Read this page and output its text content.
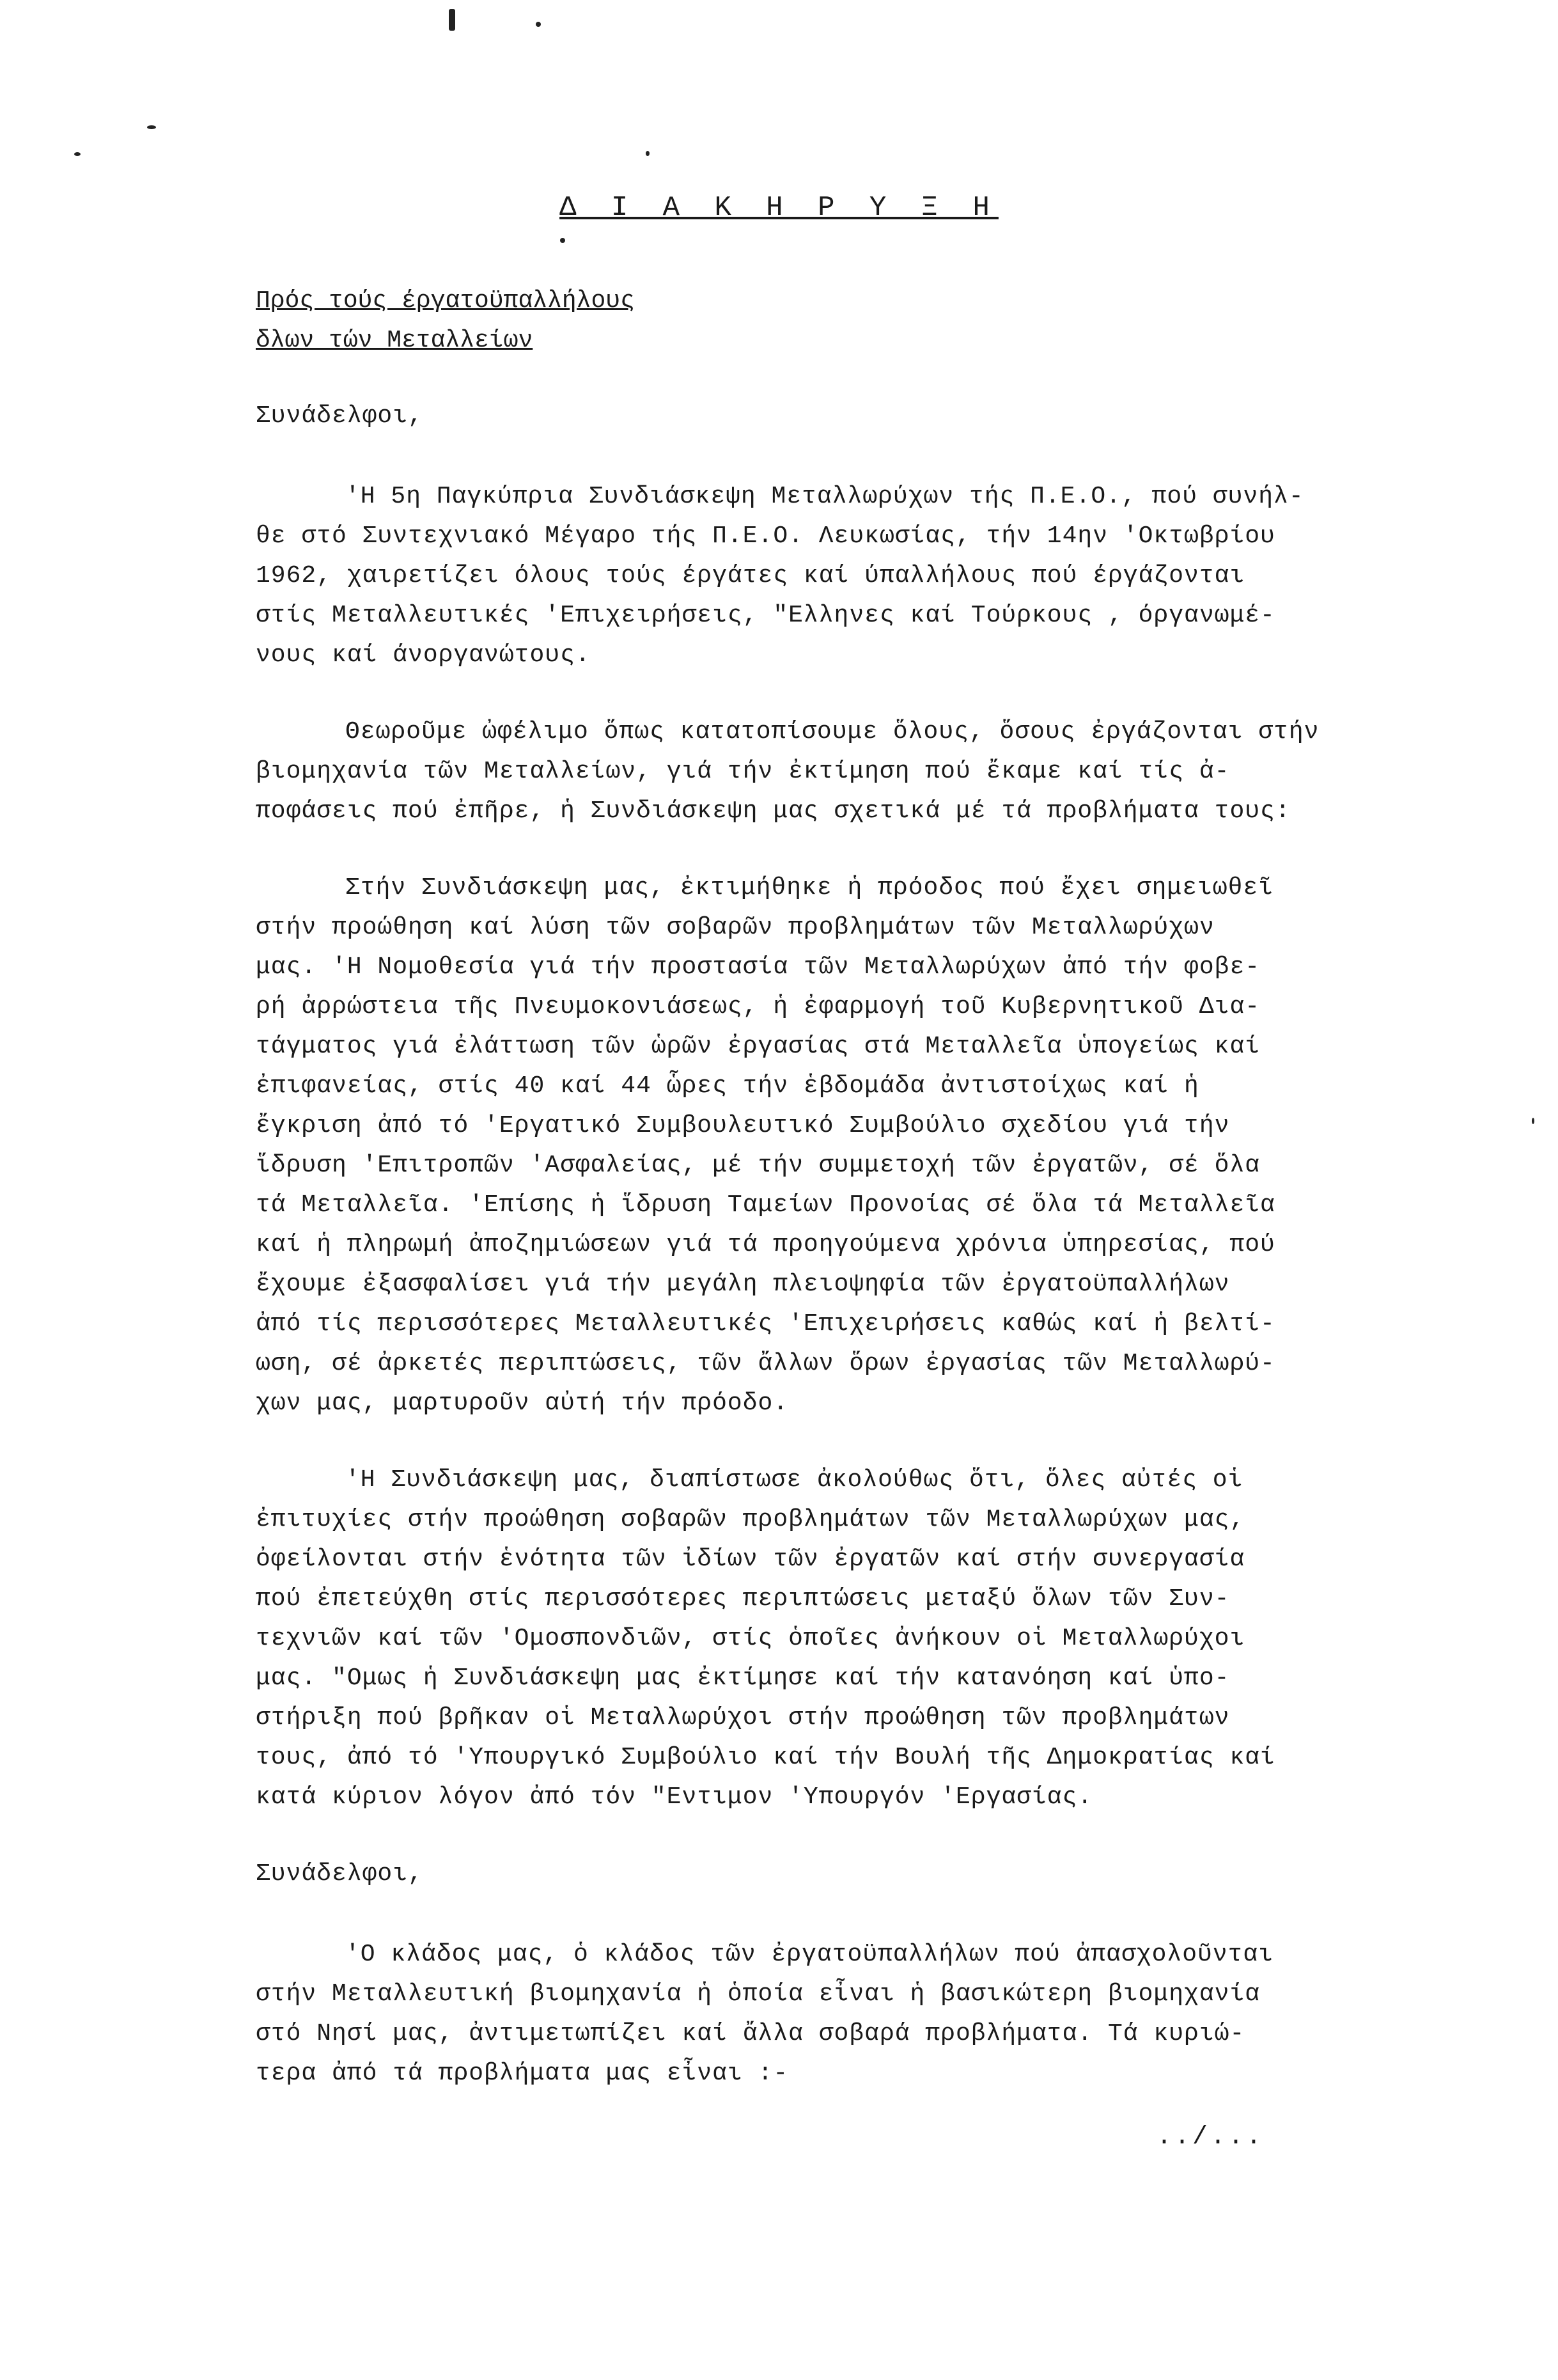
Δ Ι Α Κ Η Ρ Υ Ξ Η
Πρός τούς έργατοϋπαλλήλους
δλων τών Μεταλλείων
Συνάδελφοι,
'Η 5η Παγκύπρια Συνδιάσκεψη Μεταλλωρύχων τής Π.Ε.Ο., πού συνήλ-
θε στό Συντεχνιακό Μέγαρο τής Π.Ε.Ο. Λευκωσίας, τήν 14ην 'Οκτωβρίου
1962, χαιρετίζει όλους τούς έργάτες καί ύπαλλήλους πού έργάζονται
στίς Μεταλλευτικές 'Επιχειρήσεις, "Ελληνες καί Τούρκους , όργανωμέ-
νους καί άνοργανώτους.
Θεωροῦμε ὠφέλιμο ὅπως κατατοπίσουμε ὅλους, ὅσους ἐργάζονται στήν
βιομηχανία τῶν Μεταλλείων, γιά τήν ἐκτίμηση πού ἔκαμε καί τίς ἀ-
ποφάσεις πού ἐπῆρε, ἡ Συνδιάσκεψη μας σχετικά μέ τά προβλήματα τους:
Στήν Συνδιάσκεψη μας, ἐκτιμήθηκε ἡ πρόοδος πού ἔχει σημειωθεῖ
στήν προώθηση καί λύση τῶν σοβαρῶν προβλημάτων τῶν Μεταλλωρύχων
μας. 'Η Νομοθεσία γιά τήν προστασία τῶν Μεταλλωρύχων ἀπό τήν φοβε-
ρή ἀρρώστεια τῆς Πνευμοκονιάσεως, ἡ ἐφαρμογή τοῦ Κυβερνητικοῦ Δια-
τάγματος γιά ἐλάττωση τῶν ὡρῶν ἐργασίας στά Μεταλλεῖα ὑπογείως καί
ἐπιφανείας, στίς 40 καί 44 ὧρες τήν ἑβδομάδα ἀντιστοίχως καί ἡ
ἔγκριση ἀπό τό 'Εργατικό Συμβουλευτικό Συμβούλιο σχεδίου γιά τήν
ἵδρυση 'Επιτροπῶν 'Ασφαλείας, μέ τήν συμμετοχή τῶν ἐργατῶν, σέ ὅλα
τά Μεταλλεῖα. 'Επίσης ἡ ἵδρυση Ταμείων Προνοίας σέ ὅλα τά Μεταλλεῖα
καί ἡ πληρωμή ἀποζημιώσεων γιά τά προηγούμενα χρόνια ὑπηρεσίας, πού
ἔχουμε ἐξασφαλίσει γιά τήν μεγάλη πλειοψηφία τῶν ἐργατοϋπαλλήλων
ἀπό τίς περισσότερες Μεταλλευτικές 'Επιχειρήσεις καθώς καί ἡ βελτί-
ωση, σέ ἀρκετές περιπτώσεις, τῶν ἄλλων ὅρων ἐργασίας τῶν Μεταλλωρύ-
χων μας, μαρτυροῦν αὐτή τήν πρόοδο.
'Η Συνδιάσκεψη μας, διαπίστωσε ἀκολούθως ὅτι, ὅλες αὐτές οἱ
ἐπιτυχίες στήν προώθηση σοβαρῶν προβλημάτων τῶν Μεταλλωρύχων μας,
ὀφείλονται στήν ἑνότητα τῶν ἰδίων τῶν ἐργατῶν καί στήν συνεργασία
πού ἐπετεύχθη στίς περισσότερες περιπτώσεις μεταξύ ὅλων τῶν Συν-
τεχνιῶν καί τῶν 'Ομοσπονδιῶν, στίς ὁποῖες ἀνήκουν οἱ Μεταλλωρύχοι
μας. "Ομως ἡ Συνδιάσκεψη μας ἐκτίμησε καί τήν κατανόηση καί ὑπο-
στήριξη πού βρῆκαν οἱ Μεταλλωρύχοι στήν προώθηση τῶν προβλημάτων
τους, ἀπό τό 'Υπουργικό Συμβούλιο καί τήν Βουλή τῆς Δημοκρατίας καί
κατά κύριον λόγον ἀπό τόν "Εντιμον 'Υπουργόν 'Εργασίας.
Συνάδελφοι,
'Ο κλάδος μας, ὁ κλάδος τῶν ἐργατοϋπαλλήλων πού ἀπασχολοῦνται
στήν Μεταλλευτική βιομηχανία ἡ ὁποία εἶναι ἡ βασικώτερη βιομηχανία
στό Νησί μας, ἀντιμετωπίζει καί ἄλλα σοβαρά προβλήματα. Τά κυριώ-
τερα ἀπό τά προβλήματα μας εἶναι :-
../...
